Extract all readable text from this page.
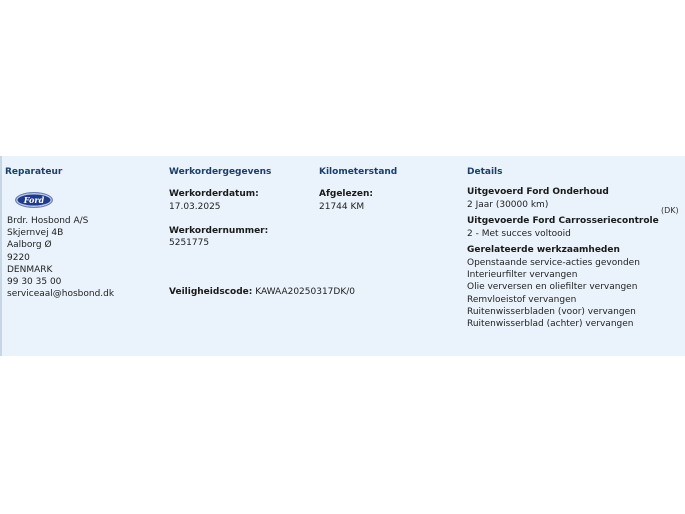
Reparateur
Ford
Brdr. Hosbond A/S
Skjernvej 4B
Aalborg Ø
9220
DENMARK
99 30 35 00
serviceaal@hosbond.dk
Werkordergegevens
Werkorderdatum:
17.03.2025
Werkordernummer:
5251775
Veiligheidscode: KAWAA20250317DK/0
Kilometerstand
Afgelezen:
21744 KM
Details
Uitgevoerd Ford Onderhoud
2 Jaar (30000 km)
Uitgevoerde Ford Carrosseriecontrole
2 - Met succes voltooid
Gerelateerde werkzaamheden
Openstaande service-acties gevonden
Interieurfilter vervangen
Olie verversen en oliefilter vervangen
Remvloeistof vervangen
Ruitenwisserbladen (voor) vervangen
Ruitenwisserblad (achter) vervangen
(DK)
